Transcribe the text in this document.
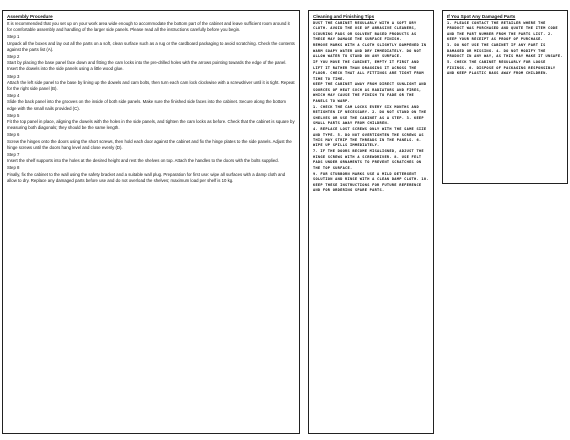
Assembly Procedure
It is recommended that you set up on your work area wide enough to accommodate the bottom part of the cabinet and leave sufficient room around it for comfortable assembly and handling of the larger side panels. Please read all the instructions carefully before you begin.
Step 1
Unpack all the boxes and lay out all the parts on a soft, clean surface such as a rug or the cardboard packaging to avoid scratching. Check the contents against the parts list (A).
Step 2
Start by placing the base panel face down and fitting the cam locks into the pre-drilled holes with the arrows pointing towards the edge of the panel. Insert the dowels into the side panels using a little wood glue.
Step 3
Attach the left side panel to the base by lining up the dowels and cam bolts, then turn each cam lock clockwise with a screwdriver until it is tight. Repeat for the right side panel (B).
Step 4
Slide the back panel into the grooves on the inside of both side panels. Make sure the finished side faces into the cabinet. Secure along the bottom edge with the small nails provided (C).
Step 5
Fit the top panel in place, aligning the dowels with the holes in the side panels, and tighten the cam locks as before. Check that the cabinet is square by measuring both diagonals; they should be the same length.
Step 6
Screw the hinges onto the doors using the short screws, then hold each door against the cabinet and fix the hinge plates to the side panels. Adjust the hinge screws until the doors hang level and close evenly (D).
Step 7
Insert the shelf supports into the holes at the desired height and rest the shelves on top. Attach the handles to the doors with the bolts supplied.
Step 8
Finally, fix the cabinet to the wall using the safety bracket and a suitable wall plug. Preparation for first use: wipe all surfaces with a damp cloth and allow to dry. Replace any damaged parts before use and do not overload the shelves; maximum load per shelf is 10 kg.
Cleaning and Finishing Tips
DUST THE CABINET REGULARLY WITH A SOFT DRY CLOTH. AVOID THE USE OF ABRASIVE CLEANERS, SCOURING PADS OR SOLVENT BASED PRODUCTS AS THESE MAY DAMAGE THE SURFACE FINISH.
REMOVE MARKS WITH A CLOTH SLIGHTLY DAMPENED IN WARM SOAPY WATER AND DRY IMMEDIATELY. DO NOT ALLOW WATER TO STAND ON ANY SURFACE.
IF YOU MOVE THE CABINET, EMPTY IT FIRST AND LIFT IT RATHER THAN DRAGGING IT ACROSS THE FLOOR. CHECK THAT ALL FITTINGS ARE TIGHT FROM TIME TO TIME.
KEEP THE CABINET AWAY FROM DIRECT SUNLIGHT AND SOURCES OF HEAT SUCH AS RADIATORS AND FIRES, WHICH MAY CAUSE THE FINISH TO FADE OR THE PANELS TO WARP.
1. CHECK THE CAM LOCKS EVERY SIX MONTHS AND RETIGHTEN IF NECESSARY. 2. DO NOT STAND ON THE SHELVES OR USE THE CABINET AS A STEP. 3. KEEP SMALL PARTS AWAY FROM CHILDREN.
4. REPLACE LOST SCREWS ONLY WITH THE SAME SIZE AND TYPE. 5. DO NOT OVERTIGHTEN THE SCREWS AS THIS MAY STRIP THE THREADS IN THE PANELS. 6. WIPE UP SPILLS IMMEDIATELY.
7. IF THE DOORS BECOME MISALIGNED, ADJUST THE HINGE SCREWS WITH A SCREWDRIVER. 8. USE FELT PADS UNDER ORNAMENTS TO PREVENT SCRATCHES ON THE TOP SURFACE.
9. FOR STUBBORN MARKS USE A MILD DETERGENT SOLUTION AND RINSE WITH A CLEAN DAMP CLOTH. 10. KEEP THESE INSTRUCTIONS FOR FUTURE REFERENCE AND FOR ORDERING SPARE PARTS.
If You Spot Any Damaged Parts
1. PLEASE CONTACT THE RETAILER WHERE THE PRODUCT WAS PURCHASED AND QUOTE THE ITEM CODE AND THE PART NUMBER FROM THE PARTS LIST. 2. KEEP YOUR RECEIPT AS PROOF OF PURCHASE.
3. DO NOT USE THE CABINET IF ANY PART IS DAMAGED OR MISSING. 4. DO NOT MODIFY THE PRODUCT IN ANY WAY, AS THIS MAY MAKE IT UNSAFE.
5. CHECK THE CABINET REGULARLY FOR LOOSE FIXINGS. 6. DISPOSE OF PACKAGING RESPONSIBLY AND KEEP PLASTIC BAGS AWAY FROM CHILDREN.
